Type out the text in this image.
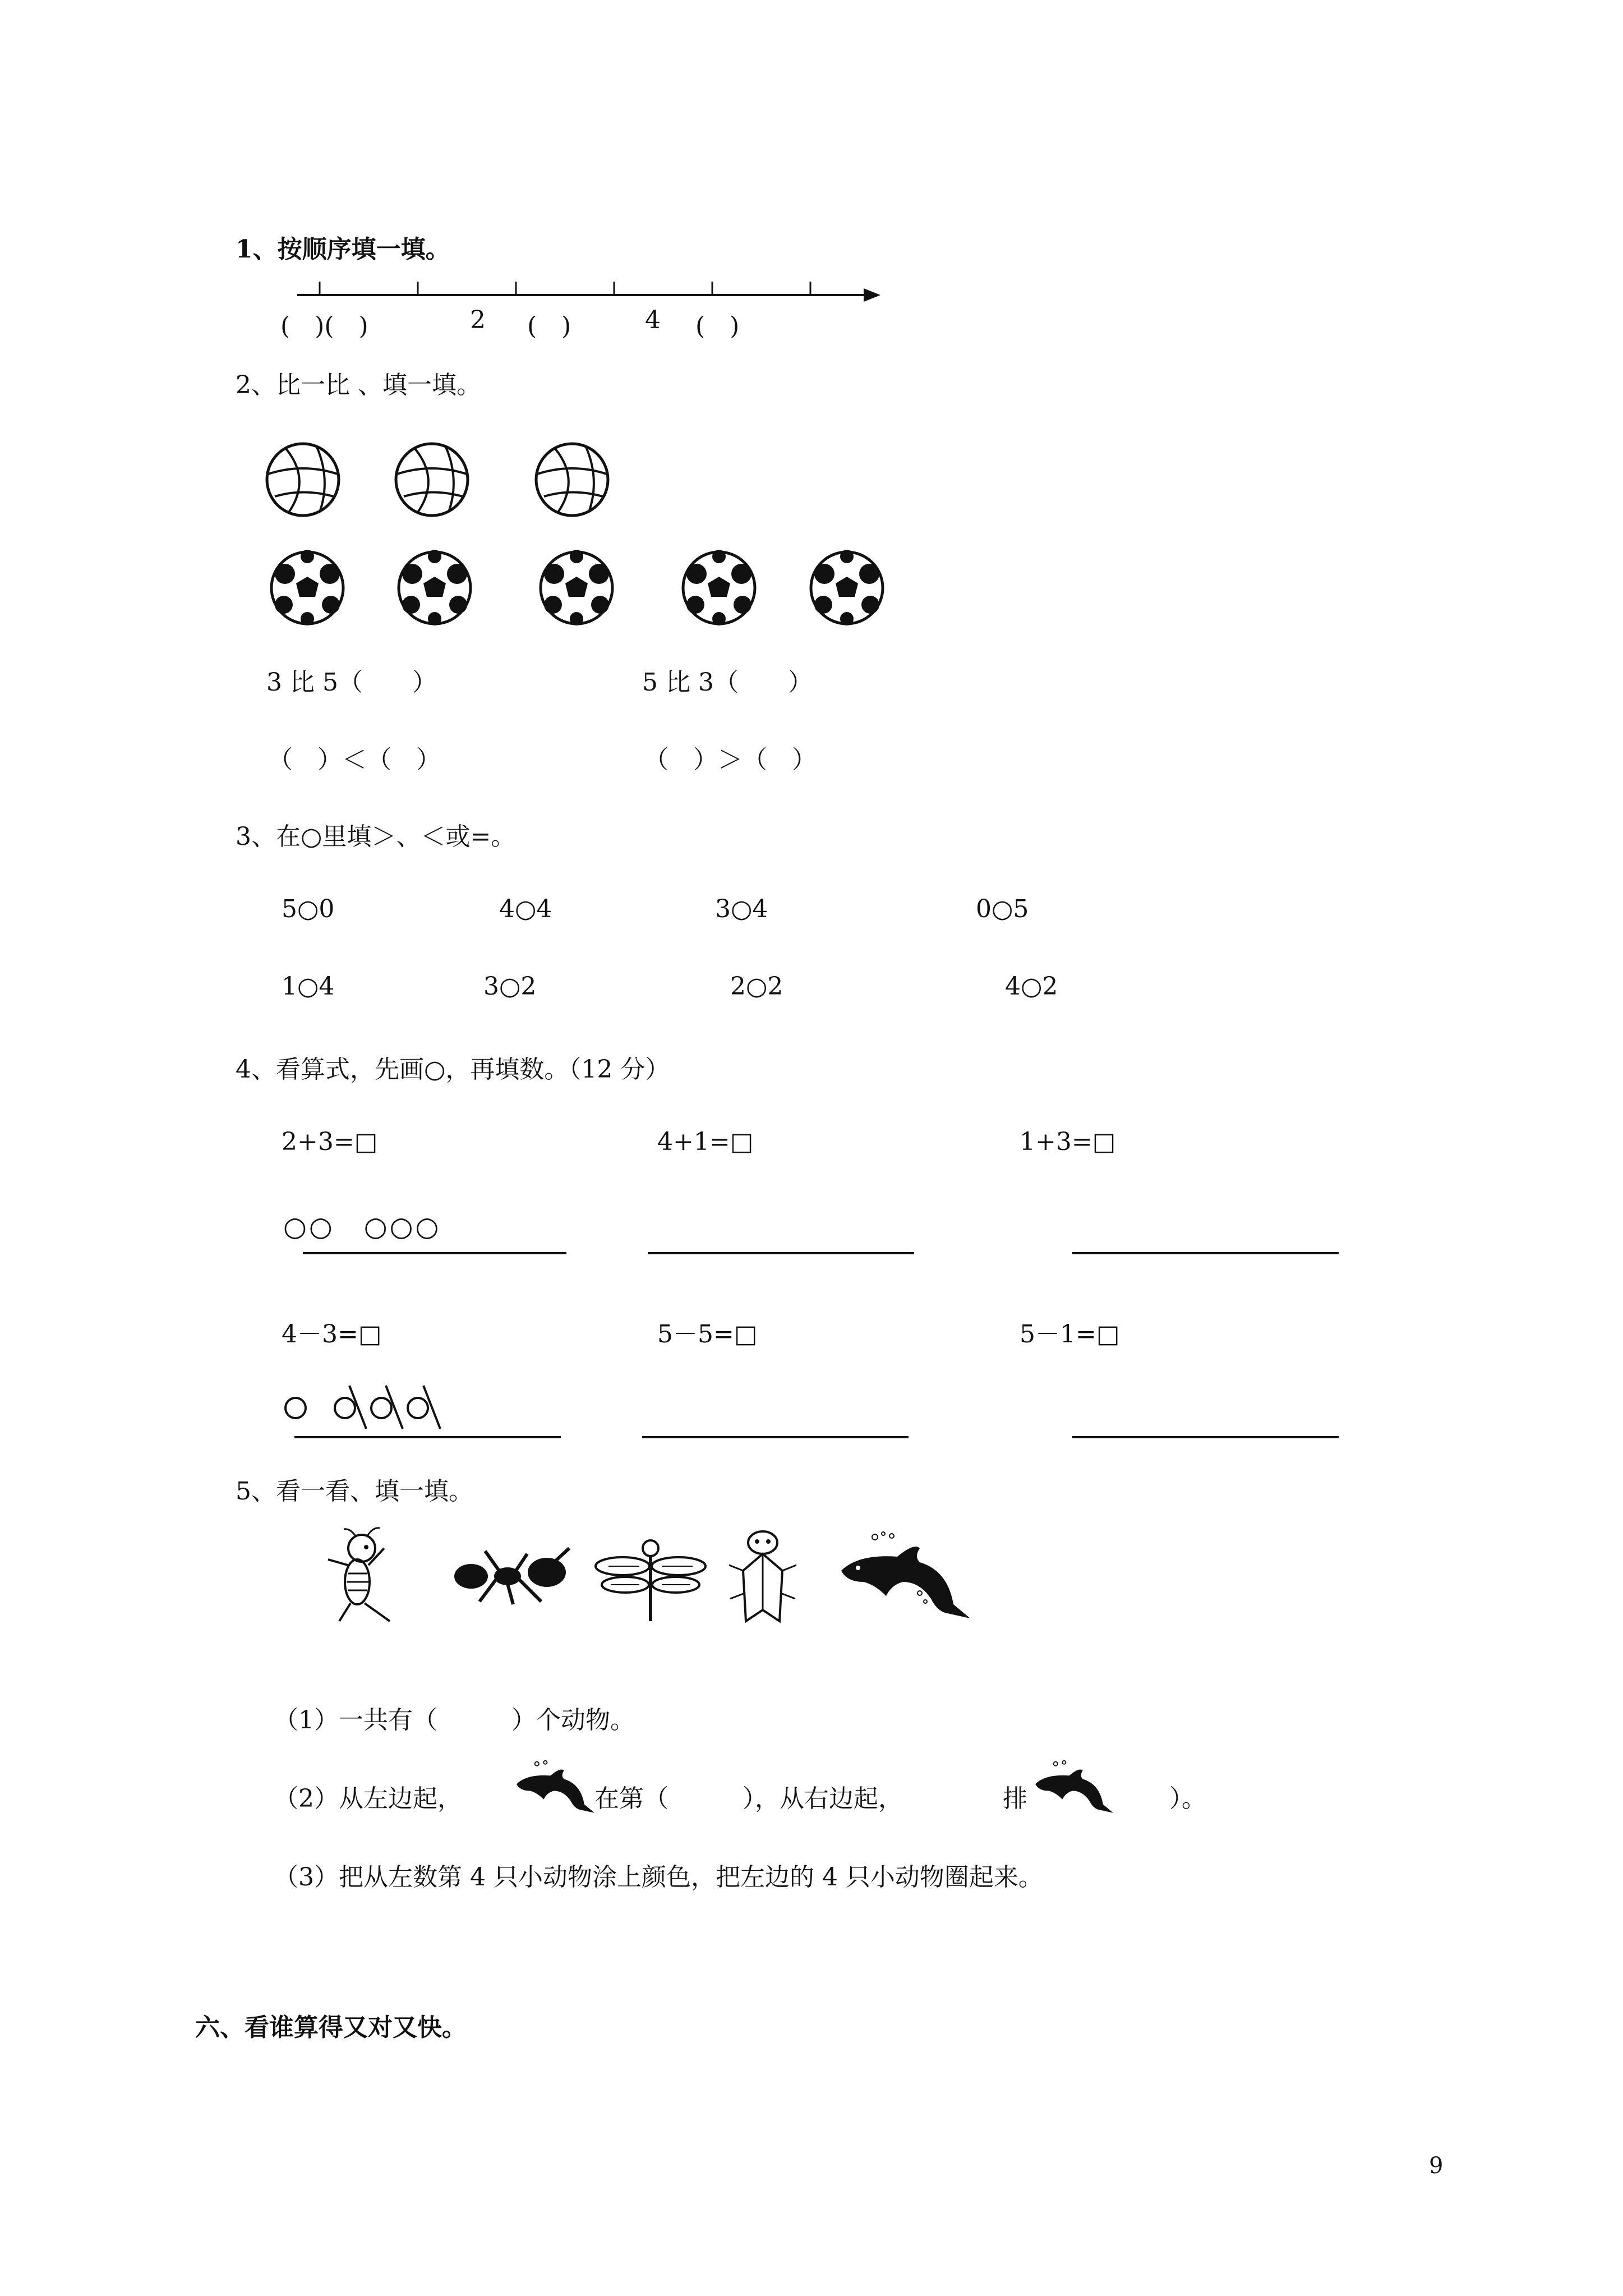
1、按顺序填一填。
(　)(　)	2 (　)	4 (　)
2、比一比 、填一填。
3 比 5（　　）	5 比 3（　　）
（　）＜（　）	（　）＞（　）
3、在○里填＞、＜或=。
5○0	4○4	3○4	0○5
1○4	3○2	2○2	4○2
4、看算式，先画○，再填数。（12 分）
2+3=□	4+1=□	1+3=□
○○　○○○
4－3=□	5－5=□	5－1=□
5、看一看、填一填。
（1）一共有（　　　）个动物。
（2）从左边起，	在第（　　　），从右边起，	排	）。
（3）把从左数第 4 只小动物涂上颜色，把左边的 4 只小动物圈起来。
六、看谁算得又对又快。
9
